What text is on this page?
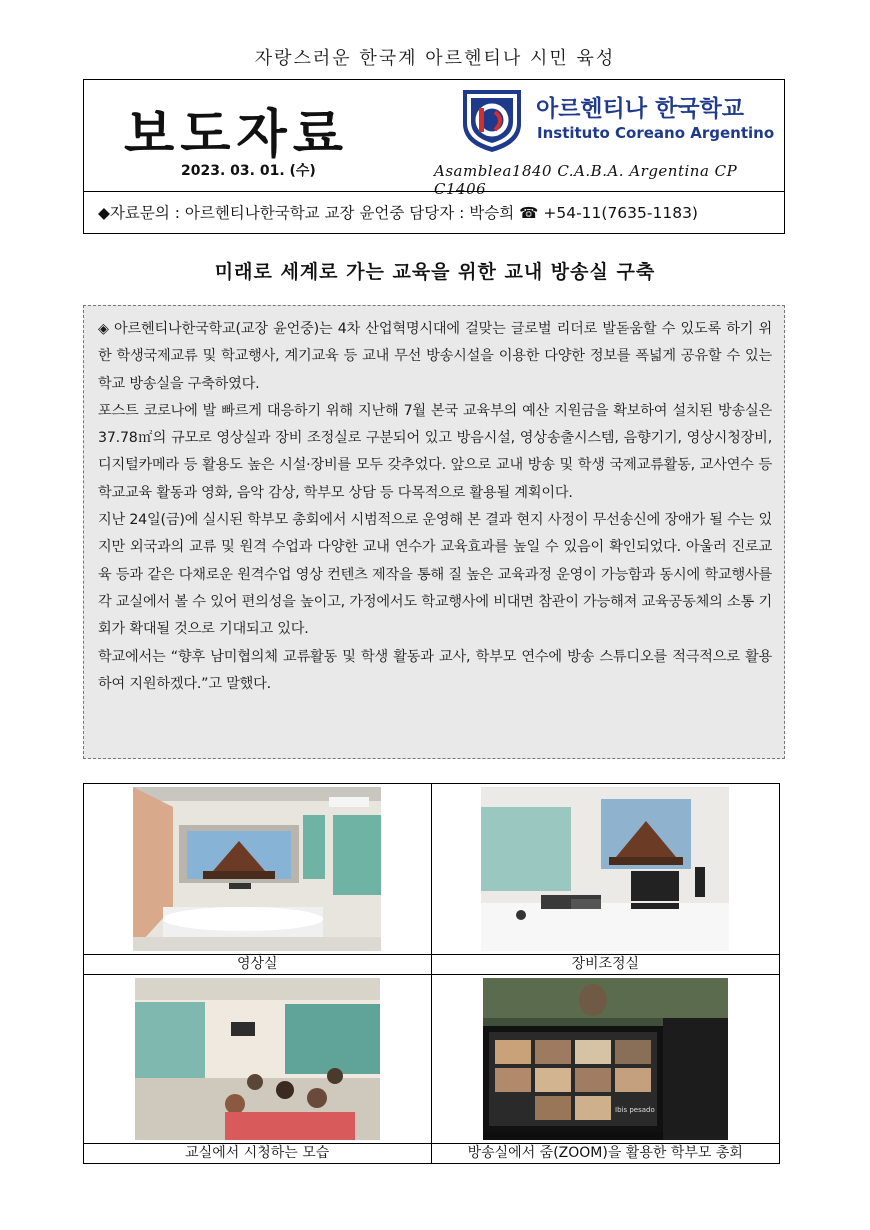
자랑스러운 한국계 아르헨티나 시민 육성
보도자료
2023. 03. 01. (수)
아르헨티나 한국학교
Instituto Coreano Argentino
Asamblea1840 C.A.B.A. Argentina CP C1406
◆자료문의 : 아르헨티나한국학교 교장 윤언중 담당자 : 박승희 ☎ +54-11(7635-1183)
미래로 세계로 가는 교육을 위한 교내 방송실 구축

◈ 아르헨티나한국학교(교장 윤언중)는 4차 산업혁명시대에 걸맞는 글로벌 리더로 발돋움할 수 있도록 하기 위한 학생국제교류 및 학교행사, 계기교육 등 교내 무선 방송시설을 이용한 다양한 정보를 폭넓게 공유할 수 있는 학교 방송실을 구축하였다.

포스트 코로나에 발 빠르게 대응하기 위해 지난해 7월 본국 교육부의 예산 지원금을 확보하여 설치된 방송실은 37.78㎡의 규모로 영상실과 장비 조정실로 구분되어 있고 방음시설, 영상송출시스템, 음향기기, 영상시청장비, 디지털카메라 등 활용도 높은 시설·장비를 모두 갖추었다. 앞으로 교내 방송 및 학생 국제교류활동, 교사연수 등 학교교육 활동과 영화, 음악 감상, 학부모 상담 등 다목적으로 활용될 계획이다.

지난 24일(금)에 실시된 학부모 총회에서 시범적으로 운영해 본 결과 현지 사정이 무선송신에 장애가 될 수는 있지만 외국과의 교류 및 원격 수업과 다양한 교내 연수가 교육효과를 높일 수 있음이 확인되었다. 아울러 진로교육 등과 같은 다채로운 원격수업 영상 컨텐츠 제작을 통해 질 높은 교육과정 운영이 가능함과 동시에 학교행사를 각 교실에서 볼 수 있어 편의성을 높이고, 가정에서도 학교행사에 비대면 참관이 가능해져 교육공동체의 소통 기회가 확대될 것으로 기대되고 있다.

학교에서는 “향후 남미협의체 교류활동 및 학생 활동과 교사, 학부모 연수에 방송 스튜디오를 적극적으로 활용하여 지원하겠다.”고 말했다.

영상실	장비조정실

Ibis pesado

교실에서 시청하는 모습	방송실에서 줌(ZOOM)을 활용한 학부모 총회
